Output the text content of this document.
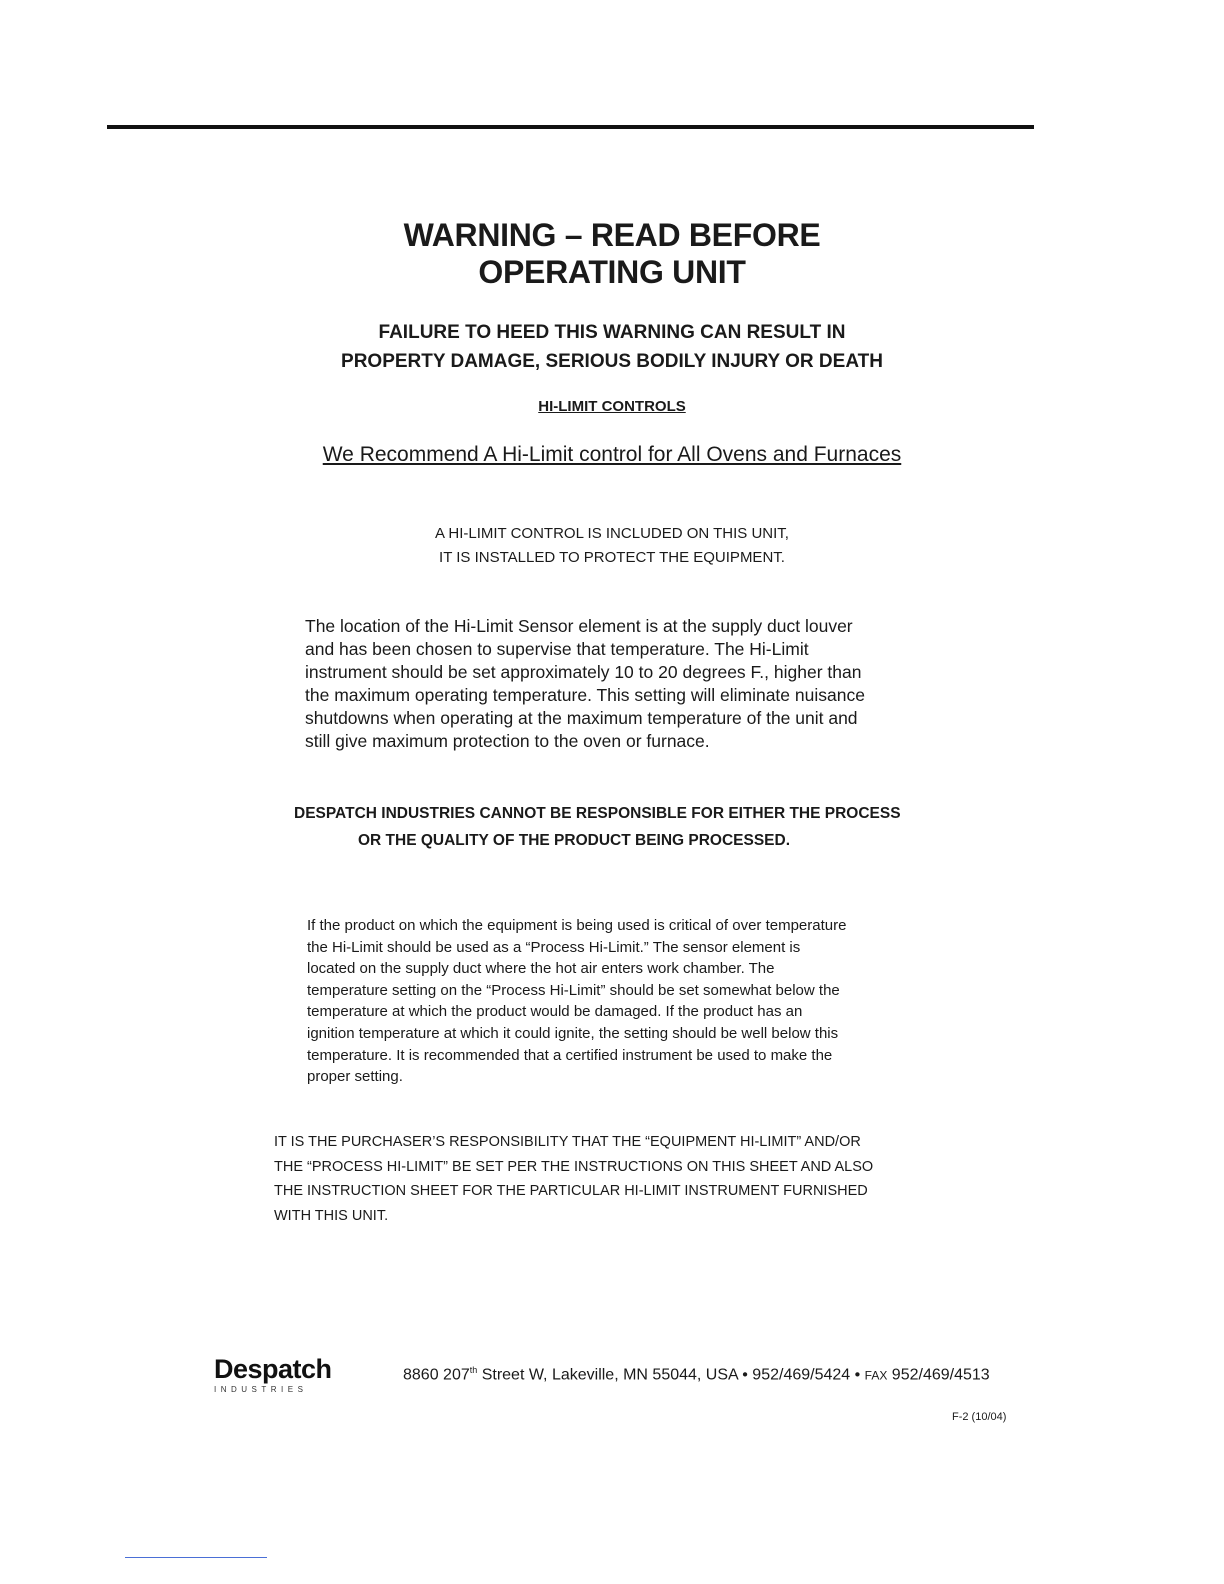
WARNING – READ BEFORE
OPERATING UNIT
FAILURE TO HEED THIS WARNING CAN RESULT IN
PROPERTY DAMAGE, SERIOUS BODILY INJURY OR DEATH
HI-LIMIT CONTROLS
We Recommend A Hi-Limit control for All Ovens and Furnaces
A HI-LIMIT CONTROL IS INCLUDED ON THIS UNIT,
IT IS INSTALLED TO PROTECT THE EQUIPMENT.
The location of the Hi-Limit Sensor element is at the supply duct louver
and has been chosen to supervise that temperature. The Hi-Limit
instrument should be set approximately 10 to 20 degrees F., higher than
the maximum operating temperature. This setting will eliminate nuisance
shutdowns when operating at the maximum temperature of the unit and
still give maximum protection to the oven or furnace.
DESPATCH INDUSTRIES CANNOT BE RESPONSIBLE FOR EITHER THE PROCESS
OR THE QUALITY OF THE PRODUCT BEING PROCESSED.
If the product on which the equipment is being used is critical of over temperature
the Hi-Limit should be used as a “Process Hi-Limit.” The sensor element is
located on the supply duct where the hot air enters work chamber. The
temperature setting on the “Process Hi-Limit” should be set somewhat below the
temperature at which the product would be damaged. If the product has an
ignition temperature at which it could ignite, the setting should be well below this
temperature. It is recommended that a certified instrument be used to make the
proper setting.
IT IS THE PURCHASER’S RESPONSIBILITY THAT THE “EQUIPMENT HI-LIMIT” AND/OR
THE “PROCESS HI-LIMIT” BE SET PER THE INSTRUCTIONS ON THIS SHEET AND ALSO
THE INSTRUCTION SHEET FOR THE PARTICULAR HI-LIMIT INSTRUMENT FURNISHED
WITH THIS UNIT.
Despatch
INDUSTRIES
8860 207th Street W, Lakeville, MN 55044, USA • 952/469/5424 • FAX 952/469/4513
F-2 (10/04)
